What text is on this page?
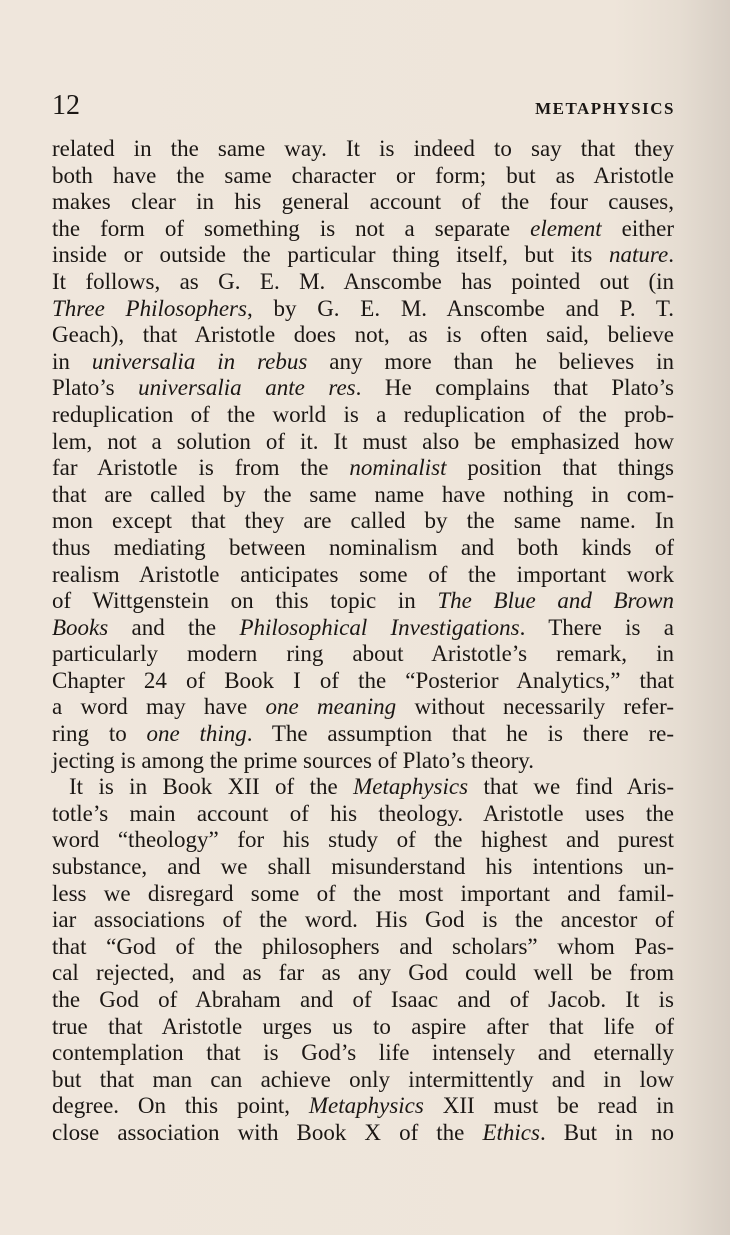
12	METAPHYSICS
related in the same way. It is indeed to say that they
both have the same character or form; but as Aristotle
makes clear in his general account of the four causes,
the form of something is not a separate element either
inside or outside the particular thing itself, but its nature.
It follows, as G. E. M. Anscombe has pointed out (in
Three Philosophers, by G. E. M. Anscombe and P. T.
Geach), that Aristotle does not, as is often said, believe
in universalia in rebus any more than he believes in
Plato’s universalia ante res. He complains that Plato’s
reduplication of the world is a reduplication of the prob-
lem, not a solution of it. It must also be emphasized how
far Aristotle is from the nominalist position that things
that are called by the same name have nothing in com-
mon except that they are called by the same name. In
thus mediating between nominalism and both kinds of
realism Aristotle anticipates some of the important work
of Wittgenstein on this topic in The Blue and Brown
Books and the Philosophical Investigations. There is a
particularly modern ring about Aristotle’s remark, in
Chapter 24 of Book I of the “Posterior Analytics,” that
a word may have one meaning without necessarily refer-
ring to one thing. The assumption that he is there re-
jecting is among the prime sources of Plato’s theory.
It is in Book XII of the Metaphysics that we find Aris-
totle’s main account of his theology. Aristotle uses the
word “theology” for his study of the highest and purest
substance, and we shall misunderstand his intentions un-
less we disregard some of the most important and famil-
iar associations of the word. His God is the ancestor of
that “God of the philosophers and scholars” whom Pas-
cal rejected, and as far as any God could well be from
the God of Abraham and of Isaac and of Jacob. It is
true that Aristotle urges us to aspire after that life of
contemplation that is God’s life intensely and eternally
but that man can achieve only intermittently and in low
degree. On this point, Metaphysics XII must be read in
close association with Book X of the Ethics. But in no
